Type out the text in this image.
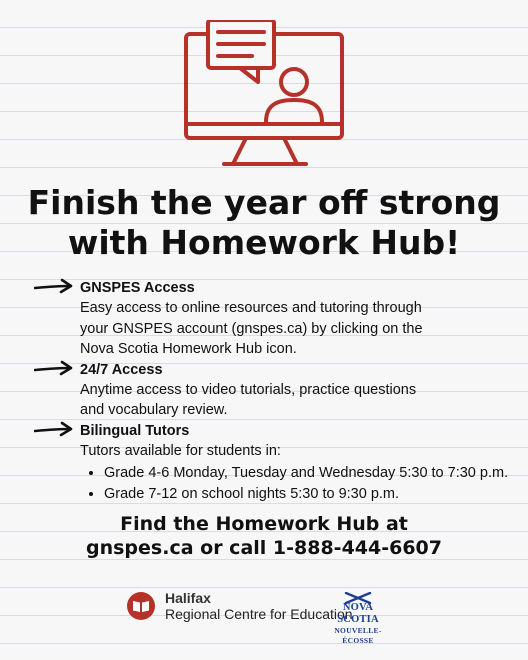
Finish the year off strong
with Homework Hub!
GNSPES Access
Easy access to online resources and tutoring through
your GNSPES account (gnspes.ca) by clicking on the
Nova Scotia Homework Hub icon.
24/7 Access
Anytime access to video tutorials, practice questions
and vocabulary review.
Bilingual Tutors
Tutors available for students in:
• Grade 4-6 Monday, Tuesday and Wednesday 5:30 to 7:30 p.m.
• Grade 7-12 on school nights 5:30 to 9:30 p.m.
Find the Homework Hub at
gnspes.ca or call 1-888-444-6607
Halifax
Regional Centre for Education
NOVA SCOTIA
NOUVELLE-ÉCOSSE
